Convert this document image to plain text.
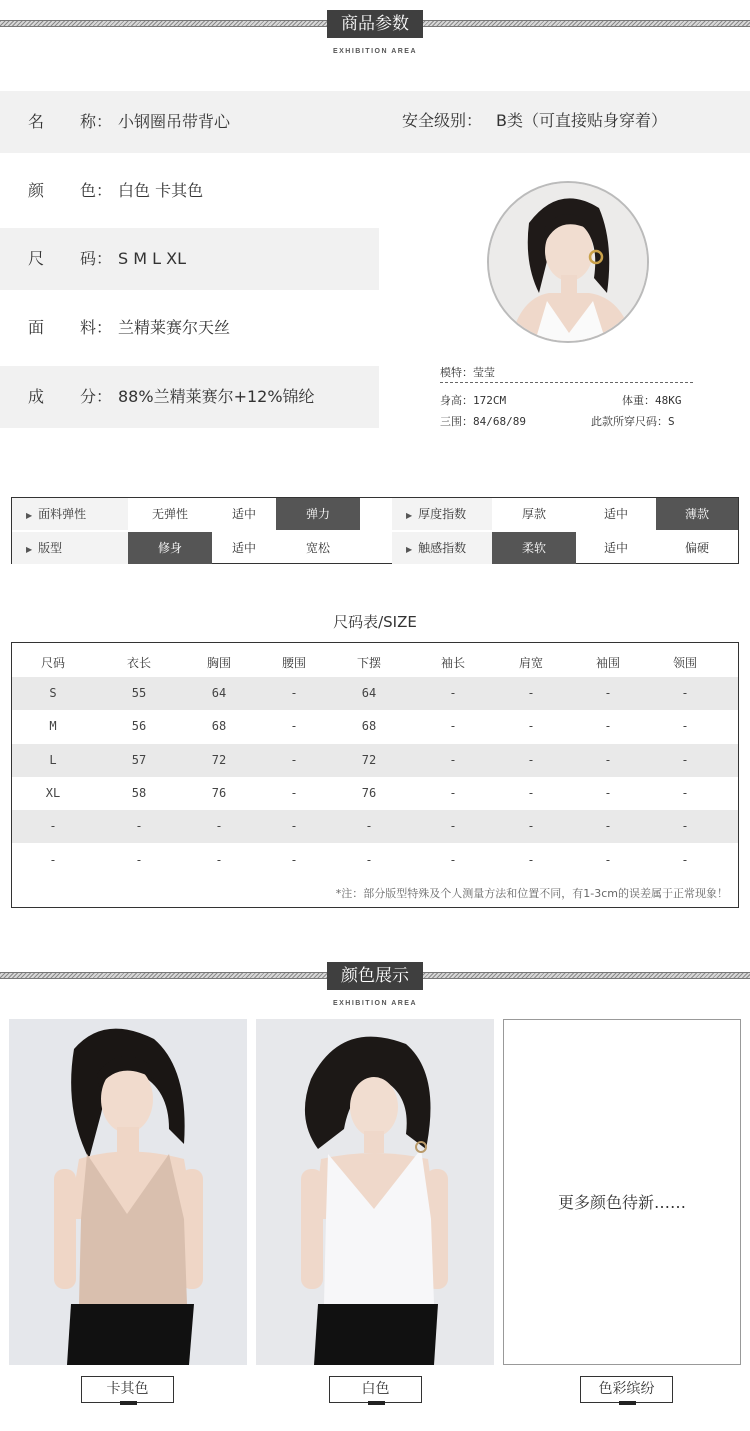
商品参数
EXHIBITION AREA
名 称： 小钢圈吊带背心	安全级别： B类（可直接贴身穿着）
颜 色： 白色 卡其色
尺 码： S M L XL
面 料： 兰精莱赛尔天丝
成 分： 88%兰精莱赛尔+12%锦纶
模特：莹莹
身高：172CM	体重：48KG
三围：84/68/89	此款所穿尺码：S
▶ 面料弹性	无弹性	适中	弹力	▶ 厚度指数	厚款	适中	薄款
▶ 版型	修身	适中	宽松	▶ 触感指数	柔软	适中	偏硬
尺码表/SIZE
尺码	衣长	胸围	腰围	下摆	袖长	肩宽	袖围	领围
S	55	64	-	64	-	-	-	-
M	56	68	-	68	-	-	-	-
L	57	72	-	72	-	-	-	-
XL	58	76	-	76	-	-	-	-
-	-	-	-	-	-	-	-	-
-	-	-	-	-	-	-	-	-
*注：部分版型特殊及个人测量方法和位置不同，有1-3cm的误差属于正常现象！
颜色展示
EXHIBITION AREA
更多颜色待新……
卡其色	白色	色彩缤纷
